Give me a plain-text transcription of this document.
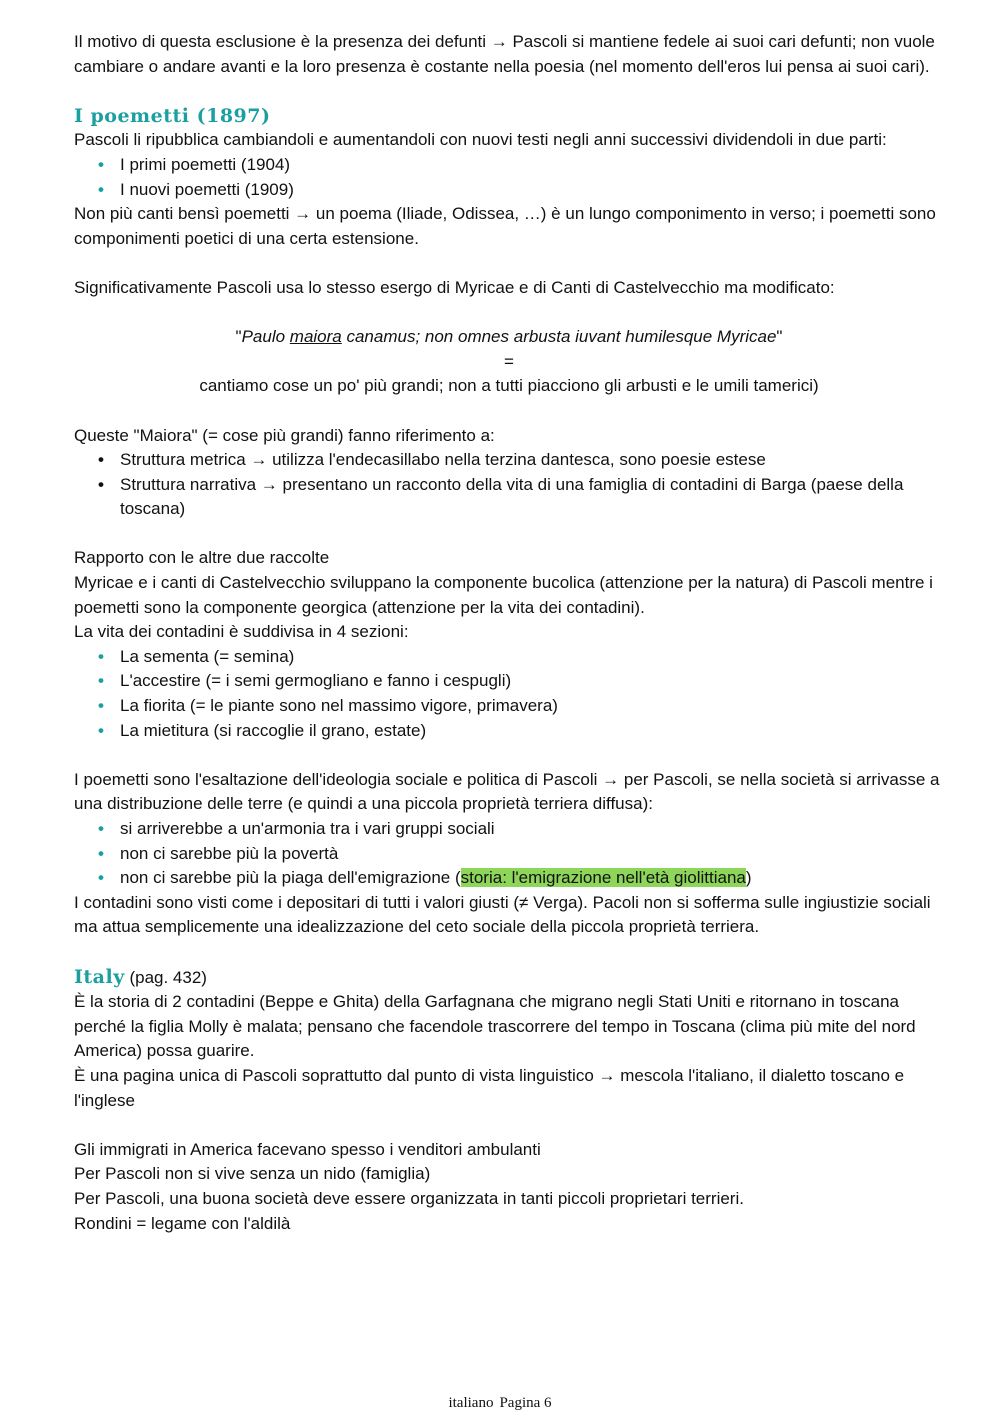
Il motivo di questa esclusione è la presenza dei defunti → Pascoli si mantiene fedele ai suoi cari defunti; non vuole cambiare o andare avanti e la loro presenza è costante nella poesia (nel momento dell'eros lui pensa ai suoi cari).

I poemetti (1897)

Pascoli li ripubblica cambiandoli e aumentandoli con nuovi testi negli anni successivi dividendoli in due parti:

• I primi poemetti (1904)
• I nuovi poemetti (1909)

Non più canti bensì poemetti → un poema (Iliade, Odissea, …) è un lungo componimento in verso; i poemetti sono componimenti poetici di una certa estensione.

Significativamente Pascoli usa lo stesso esergo di Myricae e di Canti di Castelvecchio ma modificato:

"Paulo maiora canamus; non omnes arbusta iuvant humilesque Myricae"

=

cantiamo cose un po' più grandi; non a tutti piacciono gli arbusti e le umili tamerici)

Queste "Maiora" (= cose più grandi) fanno riferimento a:

• Struttura metrica → utilizza l'endecasillabo nella terzina dantesca, sono poesie estese
• Struttura narrativa → presentano un racconto della vita di una famiglia di contadini di Barga (paese della toscana)

Rapporto con le altre due raccolte

Myricae e i canti di Castelvecchio sviluppano la componente bucolica (attenzione per la natura) di Pascoli mentre i poemetti sono la componente georgica (attenzione per la vita dei contadini).

La vita dei contadini è suddivisa in 4 sezioni:

• La sementa (= semina)
• L'accestire (= i semi germogliano e fanno i cespugli)
• La fiorita (= le piante sono nel massimo vigore, primavera)
• La mietitura (si raccoglie il grano, estate)

I poemetti sono l'esaltazione dell'ideologia sociale e politica di Pascoli → per Pascoli, se nella società si arrivasse a una distribuzione delle terre (e quindi a una piccola proprietà terriera diffusa):

• si arriverebbe a un'armonia tra i vari gruppi sociali
• non ci sarebbe più la povertà
• non ci sarebbe più la piaga dell'emigrazione (storia: l'emigrazione nell'età giolittiana)

I contadini sono visti come i depositari di tutti i valori giusti (≠ Verga). Pacoli non si sofferma sulle ingiustizie sociali ma attua semplicemente una idealizzazione del ceto sociale della piccola proprietà terriera.

Italy (pag. 432)

È la storia di 2 contadini (Beppe e Ghita) della Garfagnana che migrano negli Stati Uniti e ritornano in toscana perché la figlia Molly è malata; pensano che facendole trascorrere del tempo in Toscana (clima più mite del nord America) possa guarire.

È una pagina unica di Pascoli soprattutto dal punto di vista linguistico → mescola l'italiano, il dialetto toscano e l'inglese

Gli immigrati in America facevano spesso i venditori ambulanti

Per Pascoli non si vive senza un nido (famiglia)

Per Pascoli, una buona società deve essere organizzata in tanti piccoli proprietari terrieri.

Rondini = legame con l'aldilà

italiano Pagina 6
